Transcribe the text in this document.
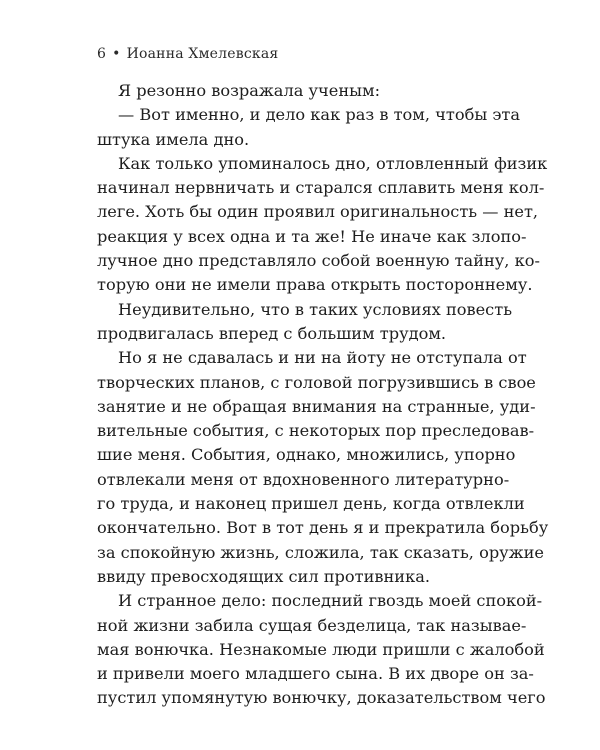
6 • Иоанна Хмелевская
Я резонно возражала ученым:
— Вот именно, и дело как раз в том, чтобы эта
штука имела дно.
Как только упоминалось дно, отловленный физик
начинал нервничать и старался сплавить меня кол-
легe. Хоть бы один проявил оригинальность — нет,
реакция у всех одна и та же! Не иначе как злопо-
лучное дно представляло собой военную тайну, ко-
торую они не имели права открыть постороннему.
Неудивительно, что в таких условиях повесть
продвигалась вперед с большим трудом.
Но я не сдавалась и ни на йоту не отступала от
творческих планов, с головой погрузившись в свое
занятие и не обращая внимания на странные, уди-
вительные события, с некоторых пор преследовав-
шие меня. События, однако, множились, упорно
отвлекали меня от вдохновенного литературно-
го труда, и наконец пришел день, когда отвлекли
окончательно. Вот в тот день я и прекратила борьбу
за спокойную жизнь, сложила, так сказать, оружие
ввиду превосходящих сил противника.
И странное дело: последний гвоздь моей спокой-
ной жизни забила сущая безделица, так называе-
мая вонючка. Незнакомые люди пришли с жалобой
и привели моего младшего сына. В их дворе он за-
пустил упомянутую вонючку, доказательством чего
